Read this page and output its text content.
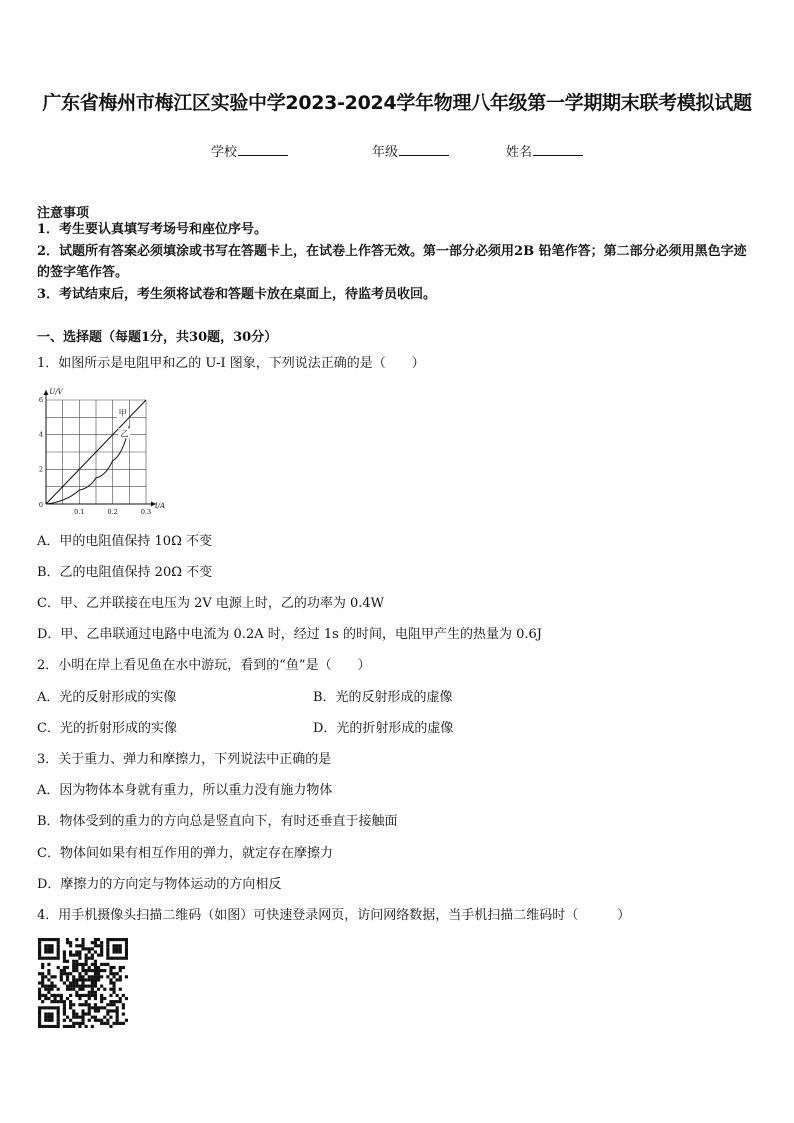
广东省梅州市梅江区实验中学2023-2024学年物理八年级第一学期期末联考模拟试题
学校	年级	姓名
注意事项
1．考生要认真填写考场号和座位序号。
2．试题所有答案必须填涂或书写在答题卡上，在试卷上作答无效。第一部分必须用2B 铅笔作答；第二部分必须用黑色字迹的签字笔作答。
3．考试结束后，考生须将试卷和答题卡放在桌面上，待监考员收回。
一、选择题（每题1分，共30题，30分）
1．如图所示是电阻甲和乙的 U-I 图象，下列说法正确的是（　　）
甲
乙
0.1	0.2	0.3
2
4
6
0	I/A
U/V
A．甲的电阻值保持 10Ω 不变
B．乙的电阻值保持 20Ω 不变
C．甲、乙并联接在电压为 2V 电源上时，乙的功率为 0.4W
D．甲、乙串联通过电路中电流为 0.2A 时，经过 1s 的时间，电阻甲产生的热量为 0.6J
2．小明在岸上看见鱼在水中游玩，看到的“鱼”是（　　）
A．光的反射形成的实像	B．光的反射形成的虚像
C．光的折射形成的实像	D．光的折射形成的虚像
3．关于重力、弹力和摩擦力，下列说法中正确的是
A．因为物体本身就有重力，所以重力没有施力物体
B．物体受到的重力的方向总是竖直向下，有时还垂直于接触面
C．物体间如果有相互作用的弹力，就定存在摩擦力
D．摩擦力的方向定与物体运动的方向相反
4．用手机摄像头扫描二维码（如图）可快速登录网页，访问网络数据，当手机扫描二维码时（　　　）
